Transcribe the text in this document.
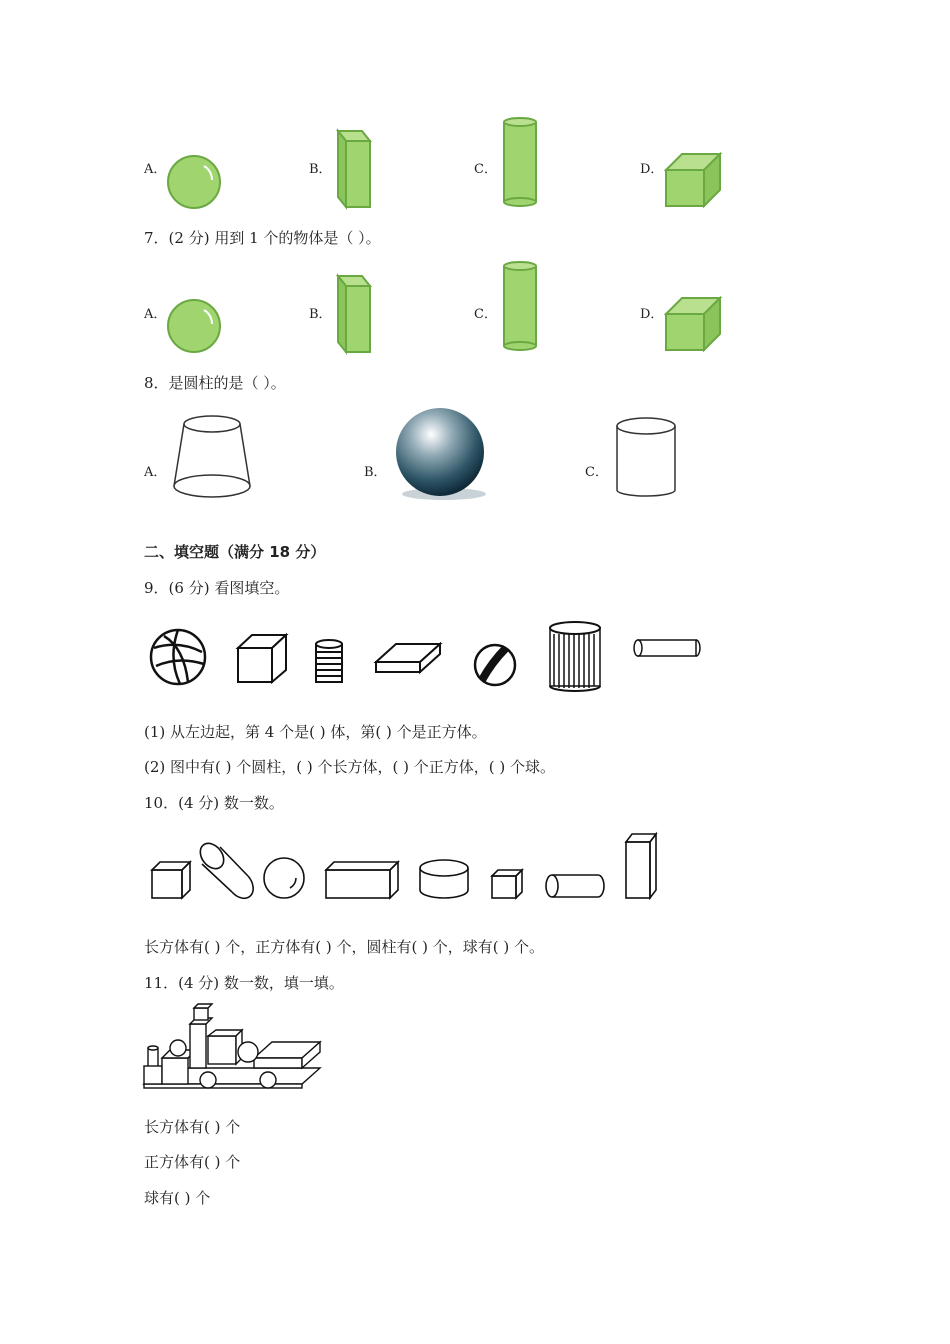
A．	B．	C．	D．
7．(2 分) 用到 1 个的物体是（ ）。
A．	B．	C．	D．
8．是圆柱的是（ ）。
A．	B．	C．
二、填空题（满分 18 分）
9．(6 分) 看图填空。
(1) 从左边起，第 4 个是( ) 体，第( ) 个是正方体。
(2) 图中有( ) 个圆柱，( ) 个长方体，( ) 个正方体，( ) 个球。
10．(4 分) 数一数。
长方体有( ) 个，正方体有( ) 个，圆柱有( ) 个，球有( ) 个。
11．(4 分) 数一数，填一填。
长方体有( ) 个
正方体有( ) 个
球有( ) 个
